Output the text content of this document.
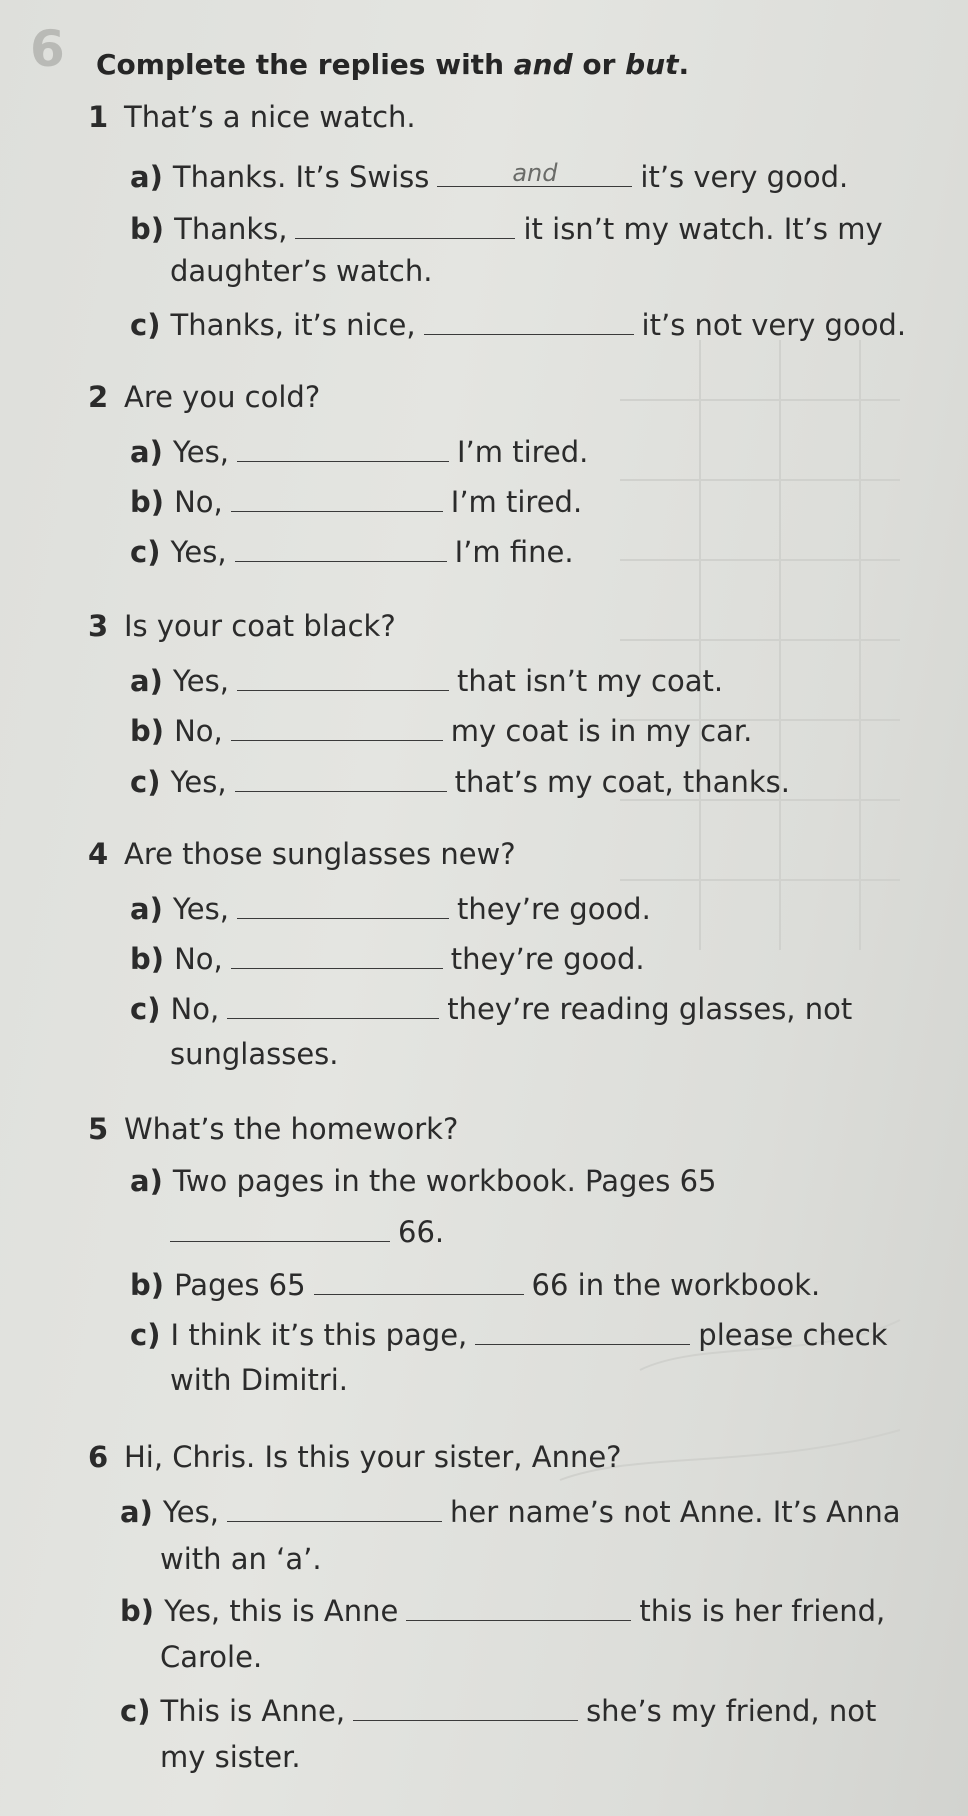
6 Complete the replies with and or but.
1 That’s a nice watch.
a) Thanks. It’s Swiss	and	it’s very good.
b) Thanks,	it isn’t my watch. It’s my
daughter’s watch.
c) Thanks, it’s nice,	it’s not very good.
2 Are you cold?
a) Yes,	I’m tired.
b) No,	I’m tired.
c) Yes,	I’m fine.
3 Is your coat black?
a) Yes,	that isn’t my coat.
b) No,	my coat is in my car.
c) Yes,	that’s my coat, thanks.
4 Are those sunglasses new?
a) Yes,	they’re good.
b) No,	they’re good.
c) No,	they’re reading glasses, not
sunglasses.
5 What’s the homework?
a) Two pages in the workbook. Pages 65
66.
b) Pages 65	66 in the workbook.
c) I think it’s this page,	please check
with Dimitri.
6 Hi, Chris. Is this your sister, Anne?
a) Yes,	her name’s not Anne. It’s Anna
with an ‘a’.
b) Yes, this is Anne	this is her friend,
Carole.
c) This is Anne,	she’s my friend, not
my sister.
